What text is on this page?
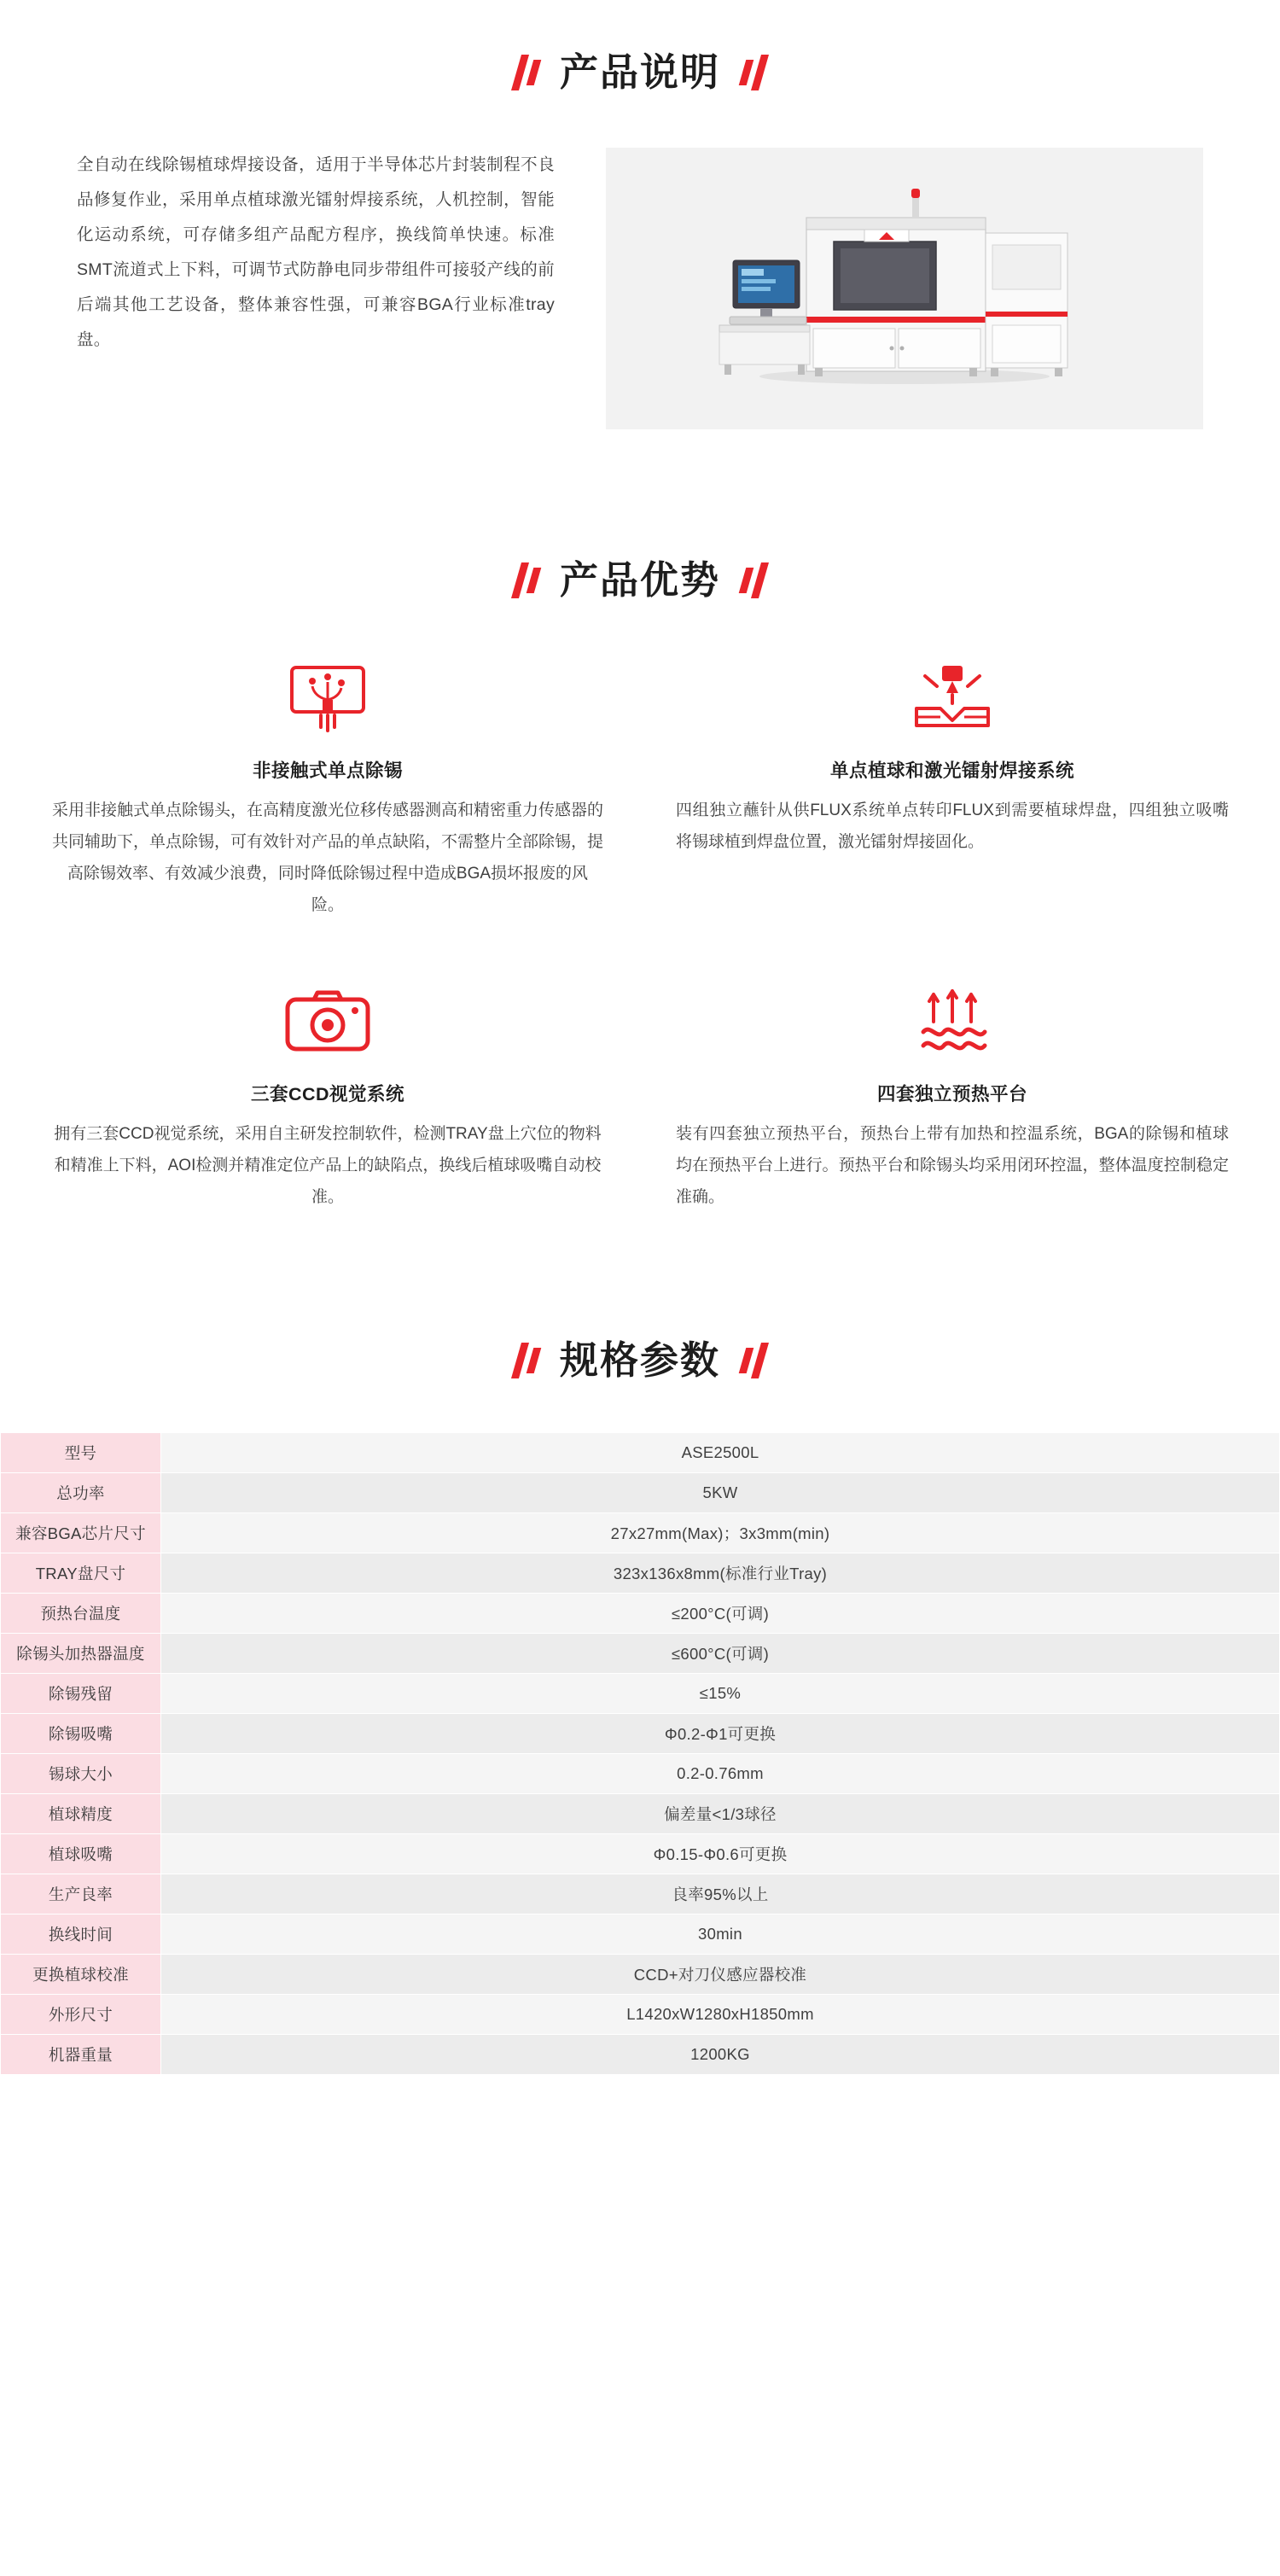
产品说明
全自动在线除锡植球焊接设备，适用于半导体芯片封装制程不良品修复作业，采用单点植球激光镭射焊接系统，人机控制，智能化运动系统，可存储多组产品配方程序，换线简单快速。标准SMT流道式上下料，可调节式防静电同步带组件可接驳产线的前后端其他工艺设备，整体兼容性强，可兼容BGA行业标准tray盘。
产品优势
非接触式单点除锡
采用非接触式单点除锡头，在高精度激光位移传感器测高和精密重力传感器的共同辅助下，单点除锡，可有效针对产品的单点缺陷，不需整片全部除锡，提高除锡效率、有效减少浪费，同时降低除锡过程中造成BGA损坏报废的风险。
单点植球和激光镭射焊接系统
四组独立蘸针从供FLUX系统单点转印FLUX到需要植球焊盘，四组独立吸嘴将锡球植到焊盘位置，激光镭射焊接固化。
三套CCD视觉系统
拥有三套CCD视觉系统，采用自主研发控制软件，检测TRAY盘上穴位的物料和精准上下料，AOI检测并精准定位产品上的缺陷点，换线后植球吸嘴自动校准。
四套独立预热平台
装有四套独立预热平台，预热台上带有加热和控温系统，BGA的除锡和植球均在预热平台上进行。预热平台和除锡头均采用闭环控温，整体温度控制稳定准确。
规格参数
型号	ASE2500L
总功率	5KW
兼容BGA芯片尺寸	27x27mm(Max)；3x3mm(min)
TRAY盘尺寸	323x136x8mm(标准行业Tray)
预热台温度	≤200°C(可调)
除锡头加热器温度	≤600°C(可调)
除锡残留	≤15%
除锡吸嘴	Φ0.2-Φ1可更换
锡球大小	0.2-0.76mm
植球精度	偏差量<1/3球径
植球吸嘴	Φ0.15-Φ0.6可更换
生产良率	良率95%以上
换线时间	30min
更换植球校准	CCD+对刀仪感应器校准
外形尺寸	L1420xW1280xH1850mm
机器重量	1200KG
